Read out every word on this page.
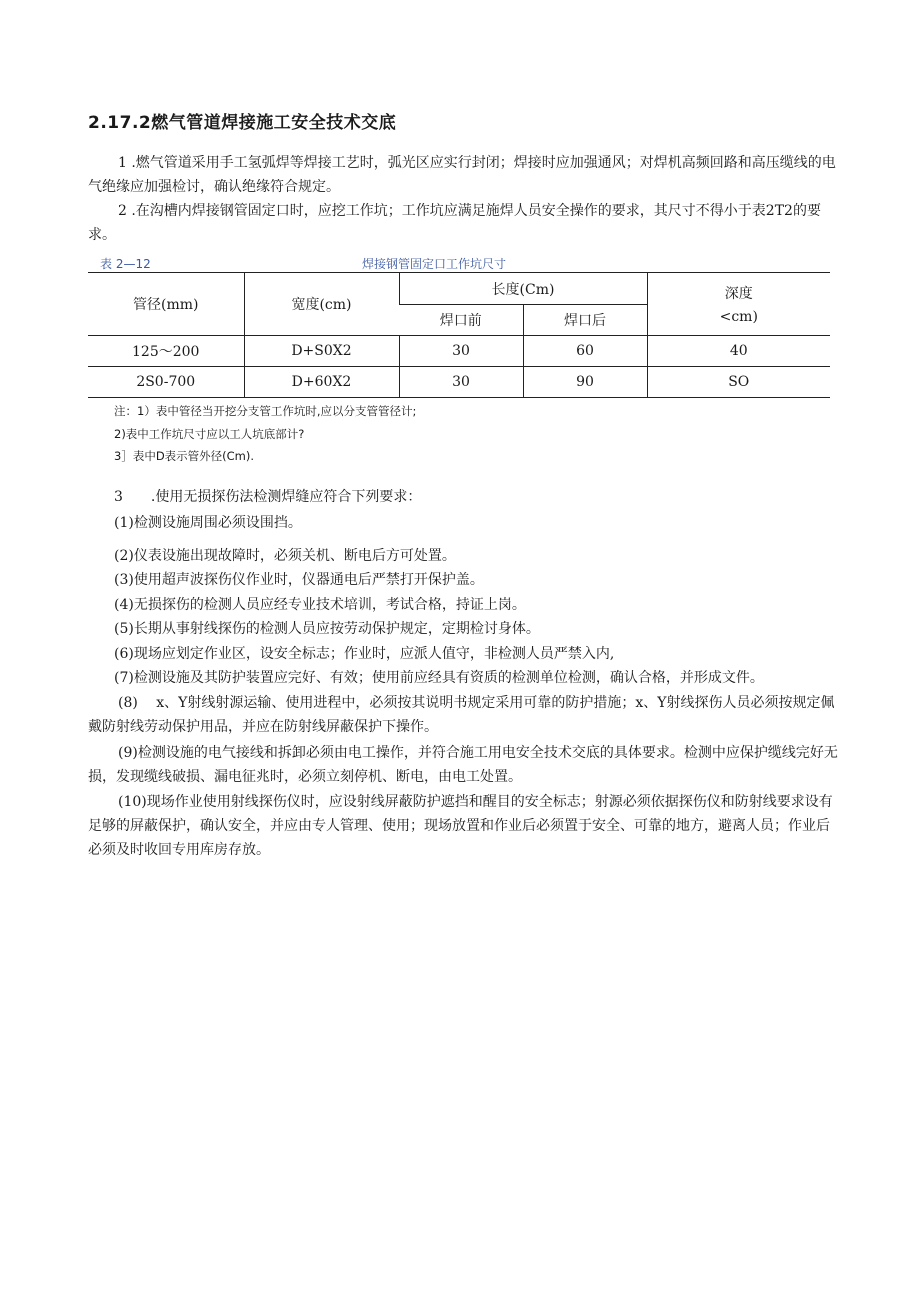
2.17.2燃气管道焊接施工安全技术交底
1 .燃气管道采用手工氢弧焊等焊接工艺时，弧光区应实行封闭；焊接时应加强通风；对焊机高频回路和高压缆线的电气绝缘应加强检讨，确认绝缘符合规定。
2 .在沟槽内焊接钢管固定口时，应挖工作坑；工作坑应满足施焊人员安全操作的要求，其尺寸不得小于表2T2的要求。
表 2—12	焊接钢管固定口工作坑尺寸
管径(mm)	宽度(cm)	长度(Cm)		深度
<cm)

		焊口前	焊口后	
125～200	D+S0X2	30	60	40
2S0-700	D+60X2	30	90	SO
注：1）表中管径当开挖分支管工作坑时,应以分支管管径计;
2)表中工作坑尺寸应以工人坑底部计?
3］表中D表示管外径(Cm).
3　　.使用无损探伤法检测焊缝应符合下列要求：
(1)检测设施周围必须设围挡。
(2)仪表设施出现故障时，必须关机、断电后方可处置。
(3)使用超声波探伤仪作业时，仪器通电后严禁打开保护盖。
(4)无损探伤的检测人员应经专业技术培训，考试合格，持证上岗。
(5)长期从事射线探伤的检测人员应按劳动保护规定，定期检讨身体。
(6)现场应划定作业区，设安全标志；作业时，应派人值守，非检测人员严禁入内,
(7)检测设施及其防护装置应完好、有效；使用前应经具有资质的检测单位检测，确认合格，并形成文件。
(8)　 x、Y射线射源运输、使用进程中，必须按其说明书规定采用可靠的防护措施；x、Y射线探伤人员必须按规定佩戴防射线劳动保护用品，并应在防射线屏蔽保护下操作。
(9)检测设施的电气接线和拆卸必须由电工操作，并符合施工用电安全技术交底的具体要求。检测中应保护缆线完好无损，发现缆线破损、漏电征兆时，必须立刻停机、断电，由电工处置。
(10)现场作业使用射线探伤仪时，应设射线屏蔽防护遮挡和醒目的安全标志；射源必须依据探伤仪和防射线要求设有足够的屏蔽保护，确认安全，并应由专人管理、使用；现场放置和作业后必须置于安全、可靠的地方，避离人员；作业后必须及时收回专用库房存放。
